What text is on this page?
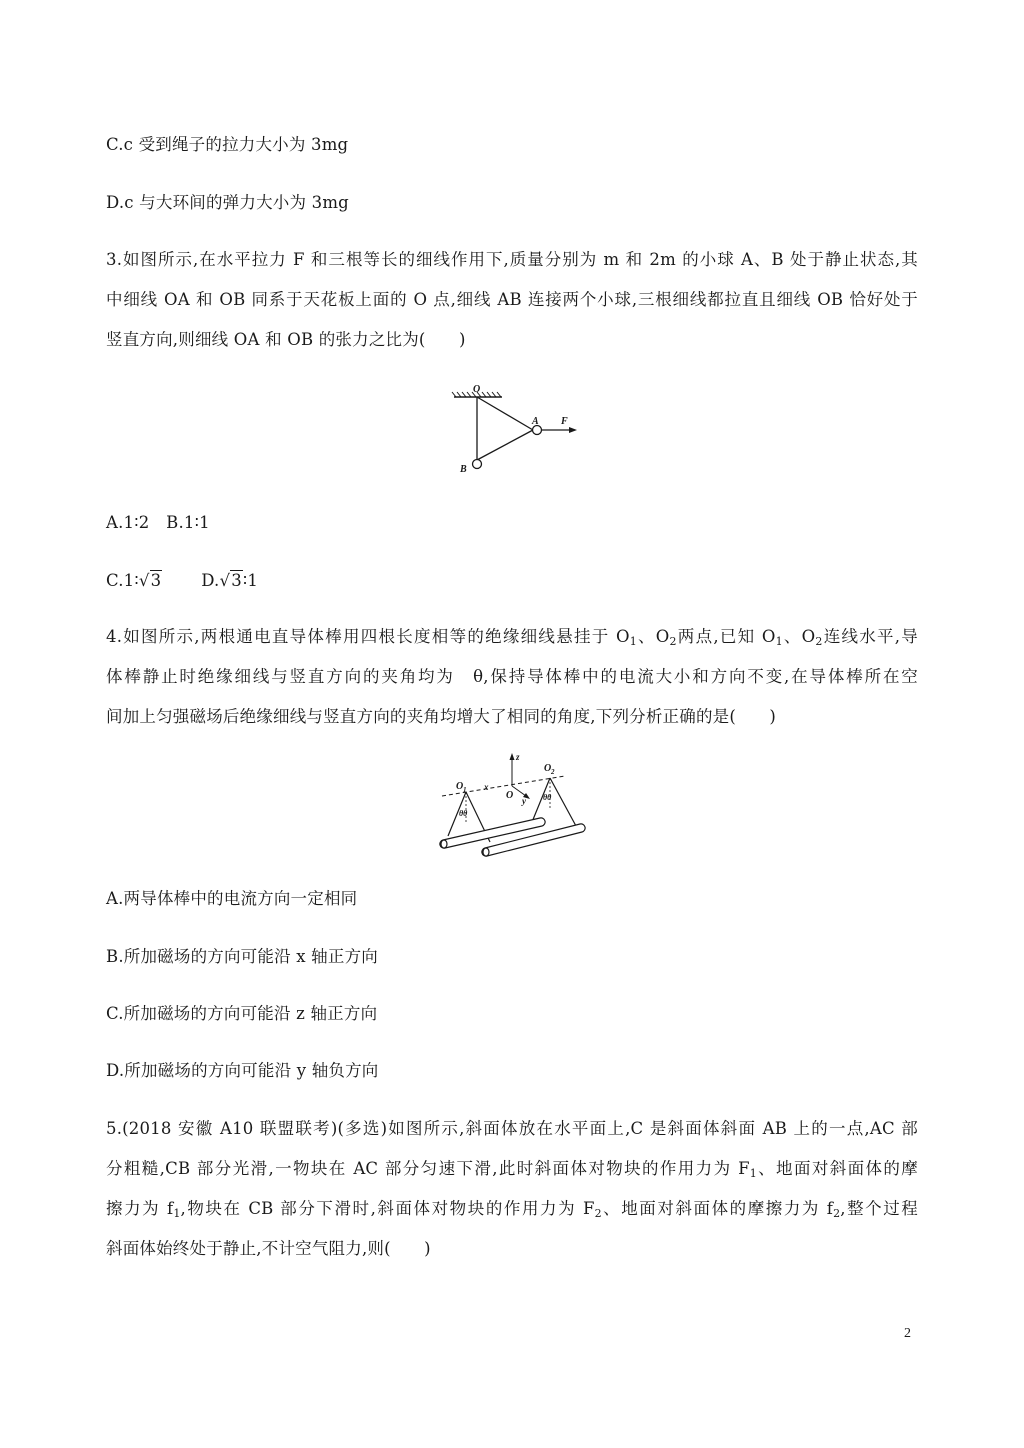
C.c 受到绳子的拉力大小为 3mg
D.c 与大环间的弹力大小为 3mg
3.如图所示,在水平拉力 F 和三根等长的细线作用下,质量分别为 m 和 2m 的小球 A、B 处于静止状态,其
中细线 OA 和 OB 同系于天花板上面的 O 点,细线 AB 连接两个小球,三根细线都拉直且细线 OB 恰好处于
竖直方向,则细线 OA 和 OB 的张力之比为(　　)
O
A F
B
A.1∶2　B.1∶1
C.1∶√3 D.√3∶1
4.如图所示,两根通电直导体棒用四根长度相等的绝缘细线悬挂于 $O_1$、$O_2$两点,已知 $O_1$、$O_2$连线水平,导
体棒静止时绝缘细线与竖直方向的夹角均为　θ,保持导体棒中的电流大小和方向不变,在导体棒所在空
间加上匀强磁场后绝缘细线与竖直方向的夹角均增大了相同的角度,下列分析正确的是(　　)
O 1
O 2
x
z
O y
θθ
θθ
A.两导体棒中的电流方向一定相同
B.所加磁场的方向可能沿 x 轴正方向
C.所加磁场的方向可能沿 z 轴正方向
D.所加磁场的方向可能沿 y 轴负方向
5.(2018 安徽 A10 联盟联考)(多选)如图所示,斜面体放在水平面上,C 是斜面体斜面 AB 上的一点,AC 部
分粗糙,CB 部分光滑,一物块在 AC 部分匀速下滑,此时斜面体对物块的作用力为 $F_1$、地面对斜面体的摩
擦力为 $f_1$,物块在 CB 部分下滑时,斜面体对物块的作用力为 $F_2$、地面对斜面体的摩擦力为 $f_2$,整个过程
斜面体始终处于静止,不计空气阻力,则(　　)
2
